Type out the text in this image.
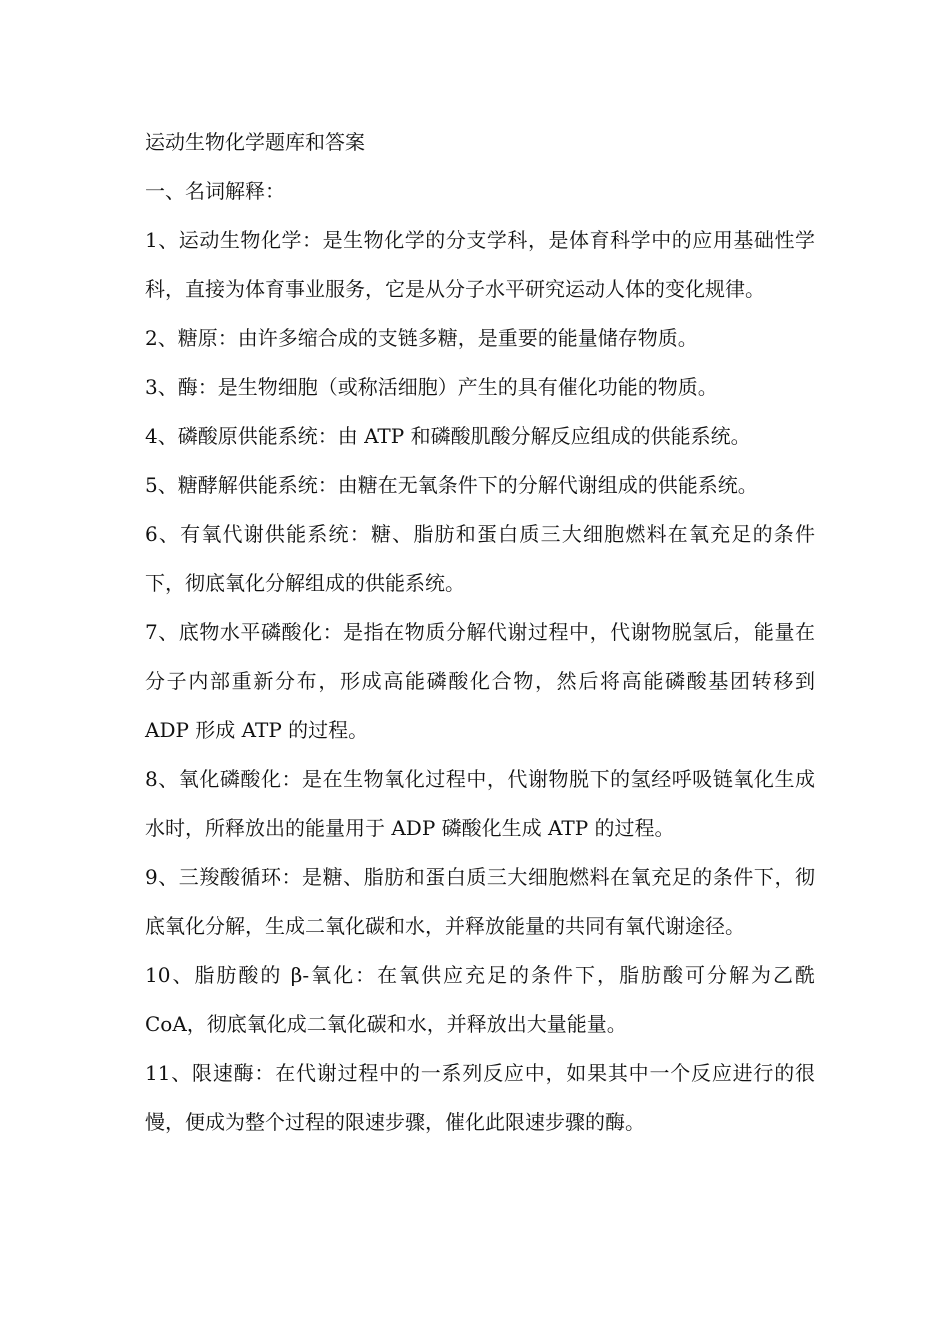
运动生物化学题库和答案

一、名词解释：

1、运动生物化学：是生物化学的分支学科，是体育科学中的应用基础性学科，直接为体育事业服务，它是从分子水平研究运动人体的变化规律。

2、糖原：由许多缩合成的支链多糖，是重要的能量储存物质。

3、酶：是生物细胞（或称活细胞）产生的具有催化功能的物质。

4、磷酸原供能系统：由 ATP 和磷酸肌酸分解反应组成的供能系统。

5、糖酵解供能系统：由糖在无氧条件下的分解代谢组成的供能系统。

6、有氧代谢供能系统：糖、脂肪和蛋白质三大细胞燃料在氧充足的条件下，彻底氧化分解组成的供能系统。

7、底物水平磷酸化：是指在物质分解代谢过程中，代谢物脱氢后，能量在分子内部重新分布，形成高能磷酸化合物，然后将高能磷酸基团转移到 ADP 形成 ATP 的过程。

8、氧化磷酸化：是在生物氧化过程中，代谢物脱下的氢经呼吸链氧化生成水时，所释放出的能量用于 ADP 磷酸化生成 ATP 的过程。

9、三羧酸循环：是糖、脂肪和蛋白质三大细胞燃料在氧充足的条件下，彻底氧化分解，生成二氧化碳和水，并释放能量的共同有氧代谢途径。

10、脂肪酸的 β-氧化：在氧供应充足的条件下，脂肪酸可分解为乙酰 CoA，彻底氧化成二氧化碳和水，并释放出大量能量。

11、限速酶：在代谢过程中的一系列反应中，如果其中一个反应进行的很慢，便成为整个过程的限速步骤，催化此限速步骤的酶。
